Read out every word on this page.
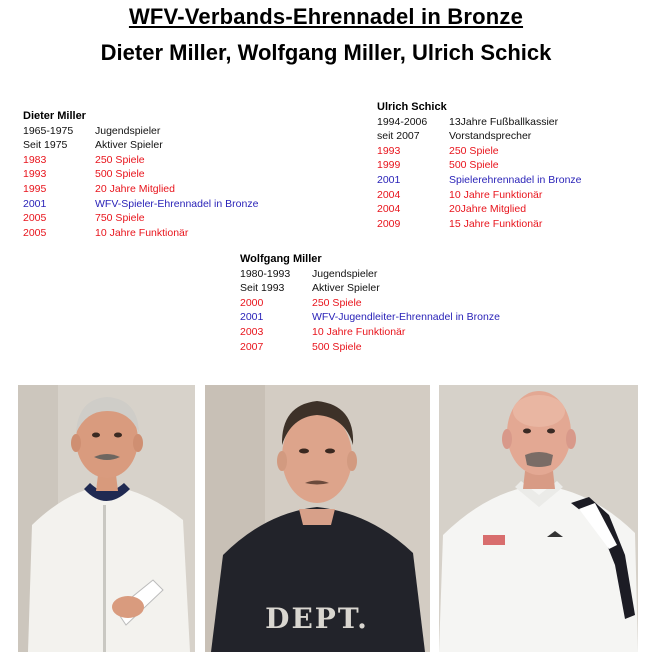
WFV-Verbands-Ehrennadel in Bronze
Dieter Miller, Wolfgang Miller, Ulrich Schick
Dieter Miller
1965-1975	Jugendspieler
Seit 1975	Aktiver Spieler
1983	250 Spiele
1993	500 Spiele
1995	20 Jahre Mitglied
2001	WFV-Spieler-Ehrennadel in Bronze
2005	750 Spiele
2005	10 Jahre Funktionär
Ulrich Schick
1994-2006	13Jahre Fußballkassier
seit 2007	Vorstandsprecher
1993	250 Spiele
1999	500 Spiele
2001	Spielerehrennadel in Bronze
2004	10 Jahre Funktionär
2004	20Jahre Mitglied
2009	15 Jahre Funktionär
Wolfgang Miller
1980-1993	Jugendspieler
Seit 1993	Aktiver Spieler
2000	250 Spiele
2001	WFV-Jugendleiter-Ehrennadel in Bronze
2003	10 Jahre Funktionär
2007	500 Spiele
DEPT.
